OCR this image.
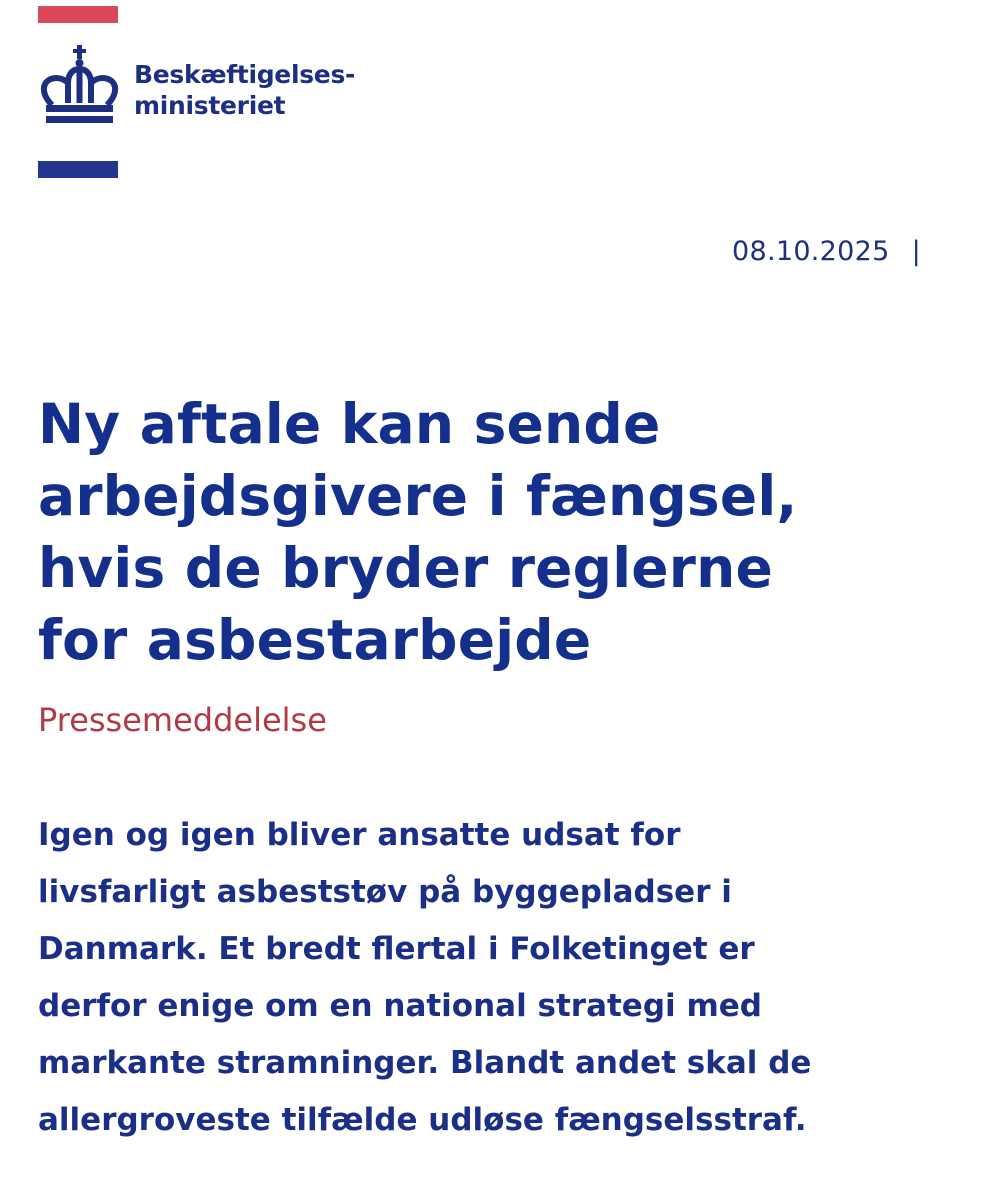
Beskæftigelses-
ministeriet
08.10.2025 |
Ny aftale kan sende
arbejdsgivere i fængsel,
hvis de bryder reglerne
for asbestarbejde
Pressemeddelelse

Igen og igen bliver ansatte udsat for
livsfarligt asbeststøv på byggepladser i
Danmark. Et bredt flertal i Folketinget er
derfor enige om en national strategi med
markante stramninger. Blandt andet skal de
allergroveste tilfælde udløse fængselsstraf.
